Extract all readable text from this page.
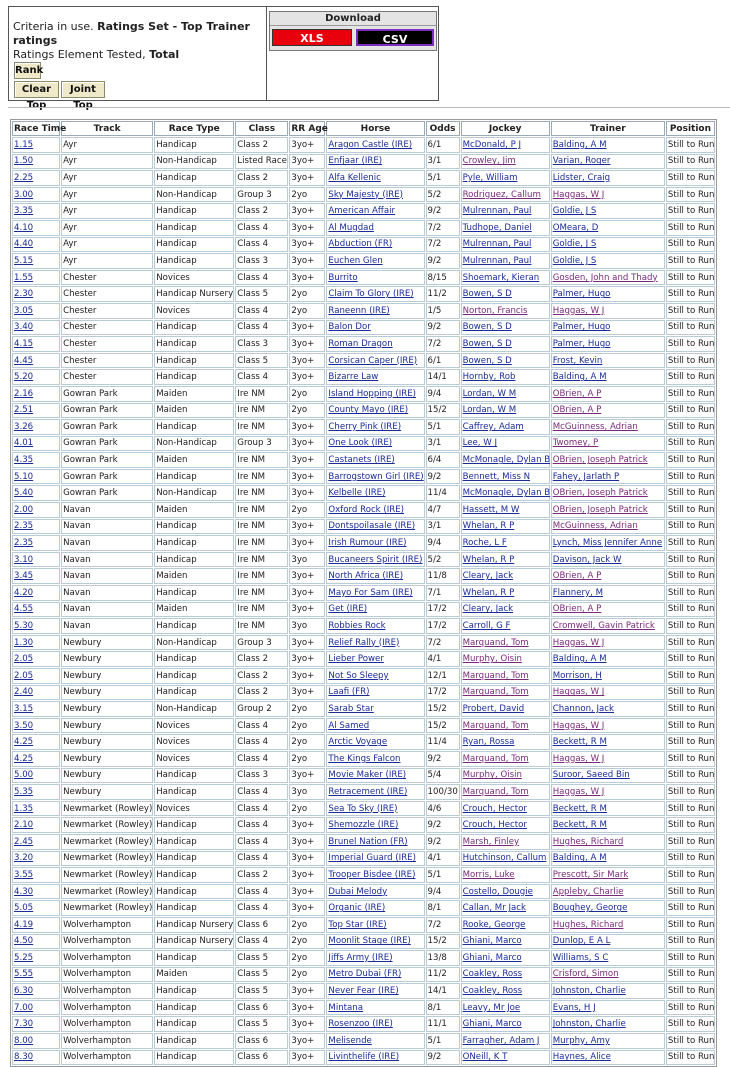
Criteria in use. Ratings Set - Top Trainer ratings
Ratings Element Tested, Total
Rank
Clear Top
Joint Top
Download
XLS	CSV
Race Time	Track	Race Type	Class	RR Age	Horse	Odds	Jockey	Trainer	Position
1.15	Ayr	Handicap	Class 2	3yo+	Aragon Castle (IRE)	6/1	McDonald, P J	Balding, A M	Still to Run
1.50	Ayr	Non-Handicap	Listed Race	3yo+	Enfjaar (IRE)	3/1	Crowley, Jim	Varian, Roger	Still to Run
2.25	Ayr	Handicap	Class 2	3yo+	Alfa Kellenic	5/1	Pyle, William	Lidster, Craig	Still to Run
3.00	Ayr	Non-Handicap	Group 3	2yo	Sky Majesty (IRE)	5/2	Rodriguez, Callum	Haggas, W J	Still to Run
3.35	Ayr	Handicap	Class 2	3yo+	American Affair	9/2	Mulrennan, Paul	Goldie, J S	Still to Run
4.10	Ayr	Handicap	Class 4	3yo+	Al Mugdad	7/2	Tudhope, Daniel	OMeara, D	Still to Run
4.40	Ayr	Handicap	Class 4	3yo+	Abduction (FR)	7/2	Mulrennan, Paul	Goldie, J S	Still to Run
5.15	Ayr	Handicap	Class 3	3yo+	Euchen Glen	9/2	Mulrennan, Paul	Goldie, J S	Still to Run
1.55	Chester	Novices	Class 4	3yo+	Burrito	8/15	Shoemark, Kieran	Gosden, John and Thady	Still to Run
2.30	Chester	Handicap Nursery	Class 5	2yo	Claim To Glory (IRE)	11/2	Bowen, S D	Palmer, Hugo	Still to Run
3.05	Chester	Novices	Class 4	2yo	Raneenn (IRE)	1/5	Norton, Francis	Haggas, W J	Still to Run
3.40	Chester	Handicap	Class 4	3yo+	Balon Dor	9/2	Bowen, S D	Palmer, Hugo	Still to Run
4.15	Chester	Handicap	Class 3	3yo+	Roman Dragon	7/2	Bowen, S D	Palmer, Hugo	Still to Run
4.45	Chester	Handicap	Class 5	3yo+	Corsican Caper (IRE)	6/1	Bowen, S D	Frost, Kevin	Still to Run
5.20	Chester	Handicap	Class 4	3yo+	Bizarre Law	14/1	Hornby, Rob	Balding, A M	Still to Run
2.16	Gowran Park	Maiden	Ire NM	2yo	Island Hopping (IRE)	9/4	Lordan, W M	OBrien, A P	Still to Run
2.51	Gowran Park	Maiden	Ire NM	2yo	County Mayo (IRE)	15/2	Lordan, W M	OBrien, A P	Still to Run
3.26	Gowran Park	Handicap	Ire NM	3yo+	Cherry Pink (IRE)	5/1	Caffrey, Adam	McGuinness, Adrian	Still to Run
4.01	Gowran Park	Non-Handicap	Group 3	3yo+	One Look (IRE)	3/1	Lee, W J	Twomey, P	Still to Run
4.35	Gowran Park	Maiden	Ire NM	3yo+	Castanets (IRE)	6/4	McMonagle, Dylan B	OBrien, Joseph Patrick	Still to Run
5.10	Gowran Park	Handicap	Ire NM	3yo+	Barrogstown Girl (IRE)	9/2	Bennett, Miss N	Fahey, Jarlath P	Still to Run
5.40	Gowran Park	Non-Handicap	Ire NM	3yo+	Kelbelle (IRE)	11/4	McMonagle, Dylan B	OBrien, Joseph Patrick	Still to Run
2.00	Navan	Maiden	Ire NM	2yo	Oxford Rock (IRE)	4/7	Hassett, M W	OBrien, Joseph Patrick	Still to Run
2.35	Navan	Handicap	Ire NM	3yo+	Dontspoilasale (IRE)	3/1	Whelan, R P	McGuinness, Adrian	Still to Run
2.35	Navan	Handicap	Ire NM	3yo+	Irish Rumour (IRE)	9/4	Roche, L F	Lynch, Miss Jennifer Anne	Still to Run
3.10	Navan	Handicap	Ire NM	3yo	Bucaneers Spirit (IRE)	5/2	Whelan, R P	Davison, Jack W	Still to Run
3.45	Navan	Maiden	Ire NM	3yo+	North Africa (IRE)	11/8	Cleary, Jack	OBrien, A P	Still to Run
4.20	Navan	Handicap	Ire NM	3yo+	Mayo For Sam (IRE)	7/1	Whelan, R P	Flannery, M	Still to Run
4.55	Navan	Maiden	Ire NM	3yo+	Get (IRE)	17/2	Cleary, Jack	OBrien, A P	Still to Run
5.30	Navan	Handicap	Ire NM	3yo	Robbies Rock	17/2	Carroll, G F	Cromwell, Gavin Patrick	Still to Run
1.30	Newbury	Non-Handicap	Group 3	3yo+	Relief Rally (IRE)	7/2	Marquand, Tom	Haggas, W J	Still to Run
2.05	Newbury	Handicap	Class 2	3yo+	Lieber Power	4/1	Murphy, Oisin	Balding, A M	Still to Run
2.05	Newbury	Handicap	Class 2	3yo+	Not So Sleepy	12/1	Marquand, Tom	Morrison, H	Still to Run
2.40	Newbury	Handicap	Class 2	3yo+	Laafi (FR)	17/2	Marquand, Tom	Haggas, W J	Still to Run
3.15	Newbury	Non-Handicap	Group 2	2yo	Sarab Star	15/2	Probert, David	Channon, Jack	Still to Run
3.50	Newbury	Novices	Class 4	2yo	Al Samed	15/2	Marquand, Tom	Haggas, W J	Still to Run
4.25	Newbury	Novices	Class 4	2yo	Arctic Voyage	11/4	Ryan, Rossa	Beckett, R M	Still to Run
4.25	Newbury	Novices	Class 4	2yo	The Kings Falcon	9/2	Marquand, Tom	Haggas, W J	Still to Run
5.00	Newbury	Handicap	Class 3	3yo+	Movie Maker (IRE)	5/4	Murphy, Oisin	Suroor, Saeed Bin	Still to Run
5.35	Newbury	Handicap	Class 4	3yo	Retracement (IRE)	100/30	Marquand, Tom	Haggas, W J	Still to Run
1.35	Newmarket (Rowley)	Novices	Class 4	2yo	Sea To Sky (IRE)	4/6	Crouch, Hector	Beckett, R M	Still to Run
2.10	Newmarket (Rowley)	Handicap	Class 4	3yo+	Shemozzle (IRE)	9/2	Crouch, Hector	Beckett, R M	Still to Run
2.45	Newmarket (Rowley)	Handicap	Class 4	3yo+	Brunel Nation (FR)	9/2	Marsh, Finley	Hughes, Richard	Still to Run
3.20	Newmarket (Rowley)	Handicap	Class 4	3yo+	Imperial Guard (IRE)	4/1	Hutchinson, Callum	Balding, A M	Still to Run
3.55	Newmarket (Rowley)	Handicap	Class 2	3yo+	Trooper Bisdee (IRE)	5/1	Morris, Luke	Prescott, Sir Mark	Still to Run
4.30	Newmarket (Rowley)	Handicap	Class 4	3yo+	Dubai Melody	9/4	Costello, Dougie	Appleby, Charlie	Still to Run
5.05	Newmarket (Rowley)	Handicap	Class 4	3yo+	Organic (IRE)	8/1	Callan, Mr Jack	Boughey, George	Still to Run
4.19	Wolverhampton	Handicap Nursery	Class 6	2yo	Top Star (IRE)	7/2	Rooke, George	Hughes, Richard	Still to Run
4.50	Wolverhampton	Handicap Nursery	Class 4	2yo	Moonlit Stage (IRE)	15/2	Ghiani, Marco	Dunlop, E A L	Still to Run
5.25	Wolverhampton	Handicap	Class 5	2yo	Jiffs Army (IRE)	13/8	Ghiani, Marco	Williams, S C	Still to Run
5.55	Wolverhampton	Maiden	Class 5	2yo	Metro Dubai (FR)	11/2	Coakley, Ross	Crisford, Simon	Still to Run
6.30	Wolverhampton	Handicap	Class 5	3yo+	Never Fear (IRE)	14/1	Coakley, Ross	Johnston, Charlie	Still to Run
7.00	Wolverhampton	Handicap	Class 6	3yo+	Mintana	8/1	Leavy, Mr Joe	Evans, H J	Still to Run
7.30	Wolverhampton	Handicap	Class 5	3yo+	Rosenzoo (IRE)	11/1	Ghiani, Marco	Johnston, Charlie	Still to Run
8.00	Wolverhampton	Handicap	Class 6	3yo+	Melisende	5/1	Farragher, Adam J	Murphy, Amy	Still to Run
8.30	Wolverhampton	Handicap	Class 6	3yo+	Livinthelife (IRE)	9/2	ONeill, K T	Haynes, Alice	Still to Run
